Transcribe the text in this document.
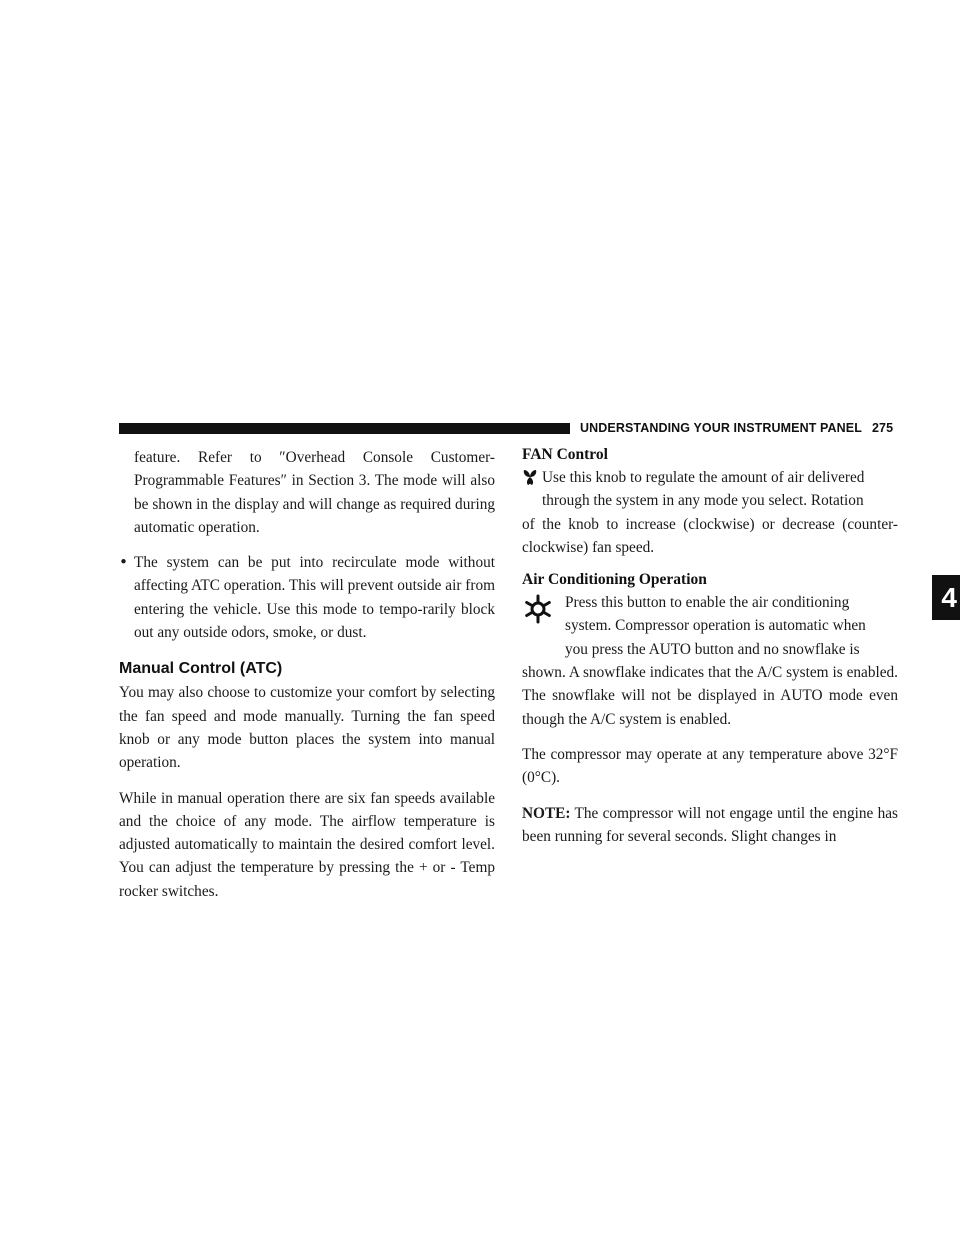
UNDERSTANDING YOUR INSTRUMENT PANEL 275
4

feature. Refer to ″Overhead Console Customer-Programmable Features″ in Section 3. The mode will also be shown in the display and will change as required during automatic operation.

• The system can be put into recirculate mode without affecting ATC operation. This will prevent outside air from entering the vehicle. Use this mode to tempo-rarily block out any outside odors, smoke, or dust.

Manual Control (ATC)

You may also choose to customize your comfort by selecting the fan speed and mode manually. Turning the fan speed knob or any mode button places the system into manual operation.

While in manual operation there are six fan speeds available and the choice of any mode. The airflow temperature is adjusted automatically to maintain the desired comfort level. You can adjust the temperature by pressing the + or - Temp rocker switches.

FAN Control

Use this knob to regulate the amount of air delivered

through the system in any mode you select. Rotation

of the knob to increase (clockwise) or decrease (counter-clockwise) fan speed.

Air Conditioning Operation

Press this button to enable the air conditioning

system. Compressor operation is automatic when

you press the AUTO button and no snowflake is

shown. A snowflake indicates that the A/C system is enabled. The snowflake will not be displayed in AUTO mode even though the A/C system is enabled.

The compressor may operate at any temperature above 32°F (0°C).

NOTE: The compressor will not engage until the engine has been running for several seconds. Slight changes in
